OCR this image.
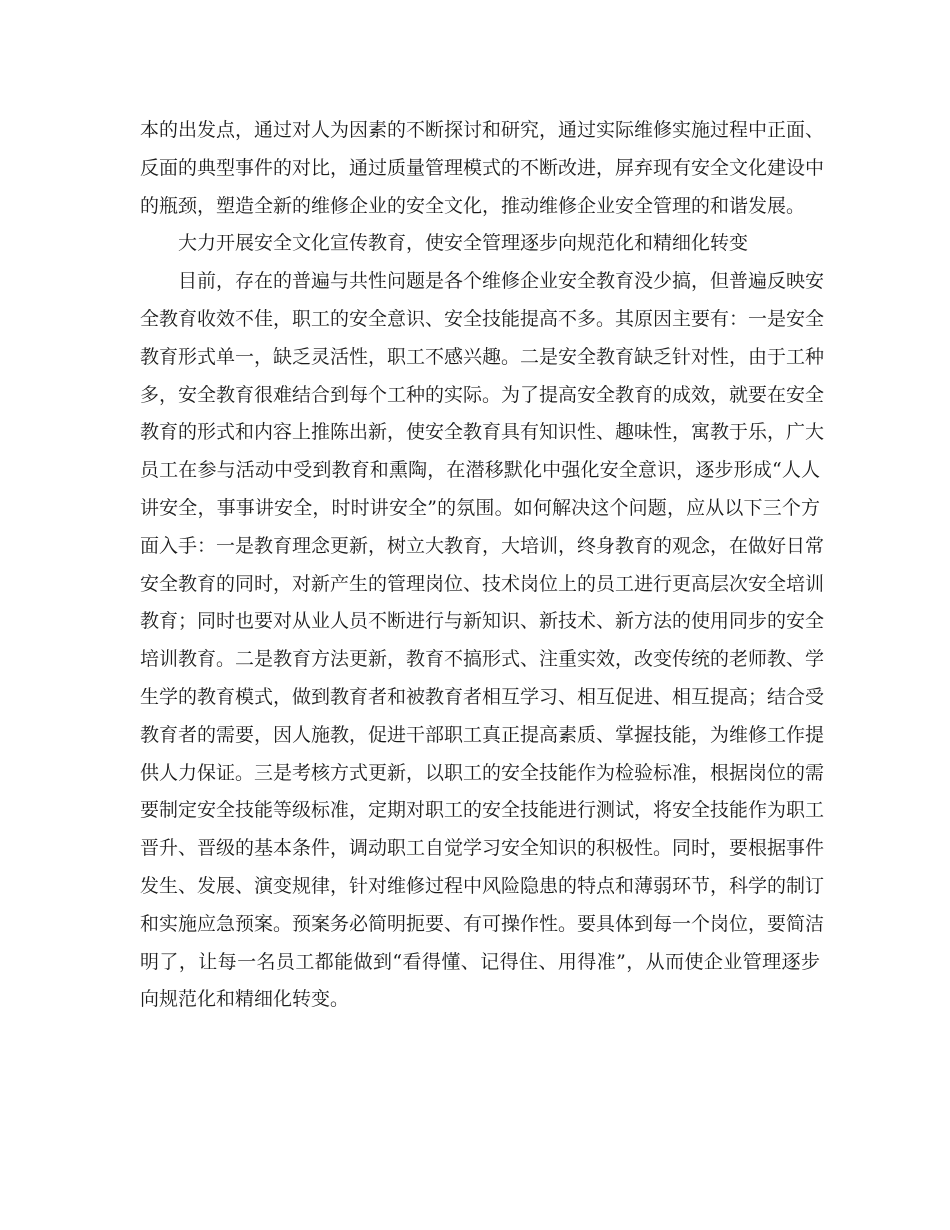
本的出发点，通过对人为因素的不断探讨和研究，通过实际维修实施过程中正面、
反面的典型事件的对比，通过质量管理模式的不断改进，屏弃现有安全文化建设中
的瓶颈，塑造全新的维修企业的安全文化，推动维修企业安全管理的和谐发展。
大力开展安全文化宣传教育，使安全管理逐步向规范化和精细化转变
目前，存在的普遍与共性问题是各个维修企业安全教育没少搞，但普遍反映安
全教育收效不佳，职工的安全意识、安全技能提高不多。其原因主要有：一是安全
教育形式单一，缺乏灵活性，职工不感兴趣。二是安全教育缺乏针对性，由于工种
多，安全教育很难结合到每个工种的实际。为了提高安全教育的成效，就要在安全
教育的形式和内容上推陈出新，使安全教育具有知识性、趣味性，寓教于乐，广大
员工在参与活动中受到教育和熏陶，在潜移默化中强化安全意识，逐步形成“人人
讲安全，事事讲安全，时时讲安全”的氛围。如何解决这个问题，应从以下三个方
面入手：一是教育理念更新，树立大教育，大培训，终身教育的观念，在做好日常
安全教育的同时，对新产生的管理岗位、技术岗位上的员工进行更高层次安全培训
教育；同时也要对从业人员不断进行与新知识、新技术、新方法的使用同步的安全
培训教育。二是教育方法更新，教育不搞形式、注重实效，改变传统的老师教、学
生学的教育模式，做到教育者和被教育者相互学习、相互促进、相互提高；结合受
教育者的需要，因人施教，促进干部职工真正提高素质、掌握技能，为维修工作提
供人力保证。三是考核方式更新，以职工的安全技能作为检验标准，根据岗位的需
要制定安全技能等级标准，定期对职工的安全技能进行测试，将安全技能作为职工
晋升、晋级的基本条件，调动职工自觉学习安全知识的积极性。同时，要根据事件
发生、发展、演变规律，针对维修过程中风险隐患的特点和薄弱环节，科学的制订
和实施应急预案。预案务必简明扼要、有可操作性。要具体到每一个岗位，要简洁
明了，让每一名员工都能做到“看得懂、记得住、用得准”，从而使企业管理逐步
向规范化和精细化转变。
